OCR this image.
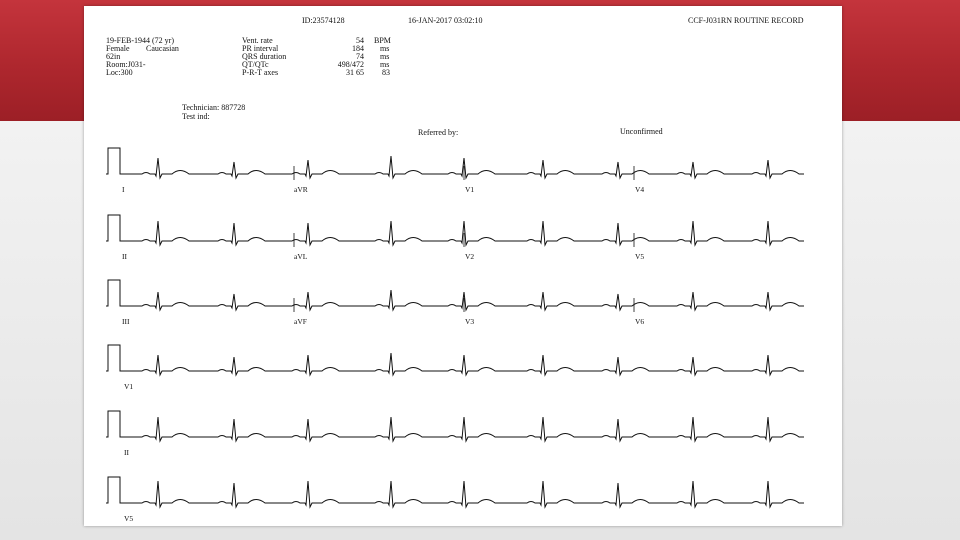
ID:23574128	16-JAN-2017 03:02:10	CCF-J031RN ROUTINE RECORD
19-FEB-1944 (72 yr)
Female Caucasian
62in
Room:J031-
Loc:300
Vent. rate	54 BPM
PR interval	184 ms
QRS duration	74 ms
QT/QTc	498/472 ms
P-R-T axes	31 65 83
Technician: 887728
Test ind:
Referred by:	Unconfirmed
I	aVR	V1	V4
II	aVL	V2	V5
III	aVF	V3	V6
V1
II
V5
